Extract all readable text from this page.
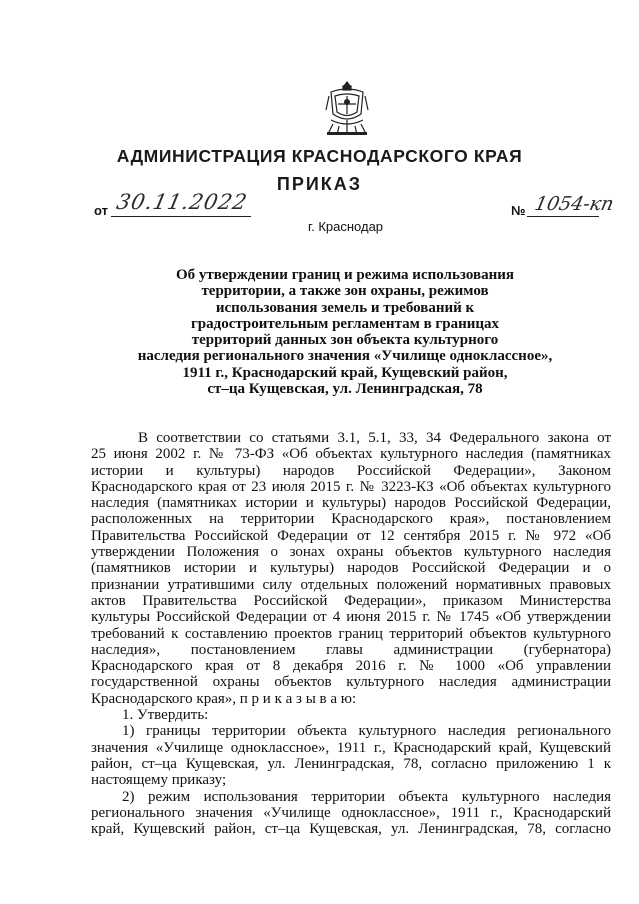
АДМИНИСТРАЦИЯ КРАСНОДАРСКОГО КРАЯ
ПРИКАЗ
от 30.11.2022
г. Краснодар
№ 1054-кп
Об утверждении границ и режима использования
территории, а также зон охраны, режимов
использования земель и требований к
градостроительным регламентам в границах
территорий данных зон объекта культурного
наследия регионального значения «Училище одноклассное»,
1911 г., Краснодарский край, Кущевский район,
ст–ца Кущевская, ул. Ленинградская, 78
В соответствии со статьями 3.1, 5.1, 33, 34 Федерального закона от
25 июня 2002 г. № 73-ФЗ «Об объектах культурного наследия (памятниках
истории и культуры) народов Российской Федерации», Законом
Краснодарского края от 23 июля 2015 г. № 3223-КЗ «Об объектах культурного
наследия (памятниках истории и культуры) народов Российской Федерации,
расположенных на территории Краснодарского края», постановлением
Правительства Российской Федерации от 12 сентября 2015 г. № 972 «Об
утверждении Положения о зонах охраны объектов культурного наследия
(памятников истории и культуры) народов Российской Федерации и о
признании утратившими силу отдельных положений нормативных правовых
актов Правительства Российской Федерации», приказом Министерства
культуры Российской Федерации от 4 июня 2015 г. № 1745 «Об утверждении
требований к составлению проектов границ территорий объектов культурного
наследия», постановлением главы администрации (губернатора)
Краснодарского края от 8 декабря 2016 г. № 1000 «Об управлении
государственной охраны объектов культурного наследия администрации
Краснодарского края», п р и к а з ы в а ю:
1. Утвердить:
1) границы территории объекта культурного наследия регионального
значения «Училище одноклассное», 1911 г., Краснодарский край, Кущевский
район, ст–ца Кущевская, ул. Ленинградская, 78, согласно приложению 1 к
настоящему приказу;
2) режим использования территории объекта культурного наследия
регионального значения «Училище одноклассное», 1911 г., Краснодарский
край, Кущевский район, ст–ца Кущевская, ул. Ленинградская, 78, согласно
